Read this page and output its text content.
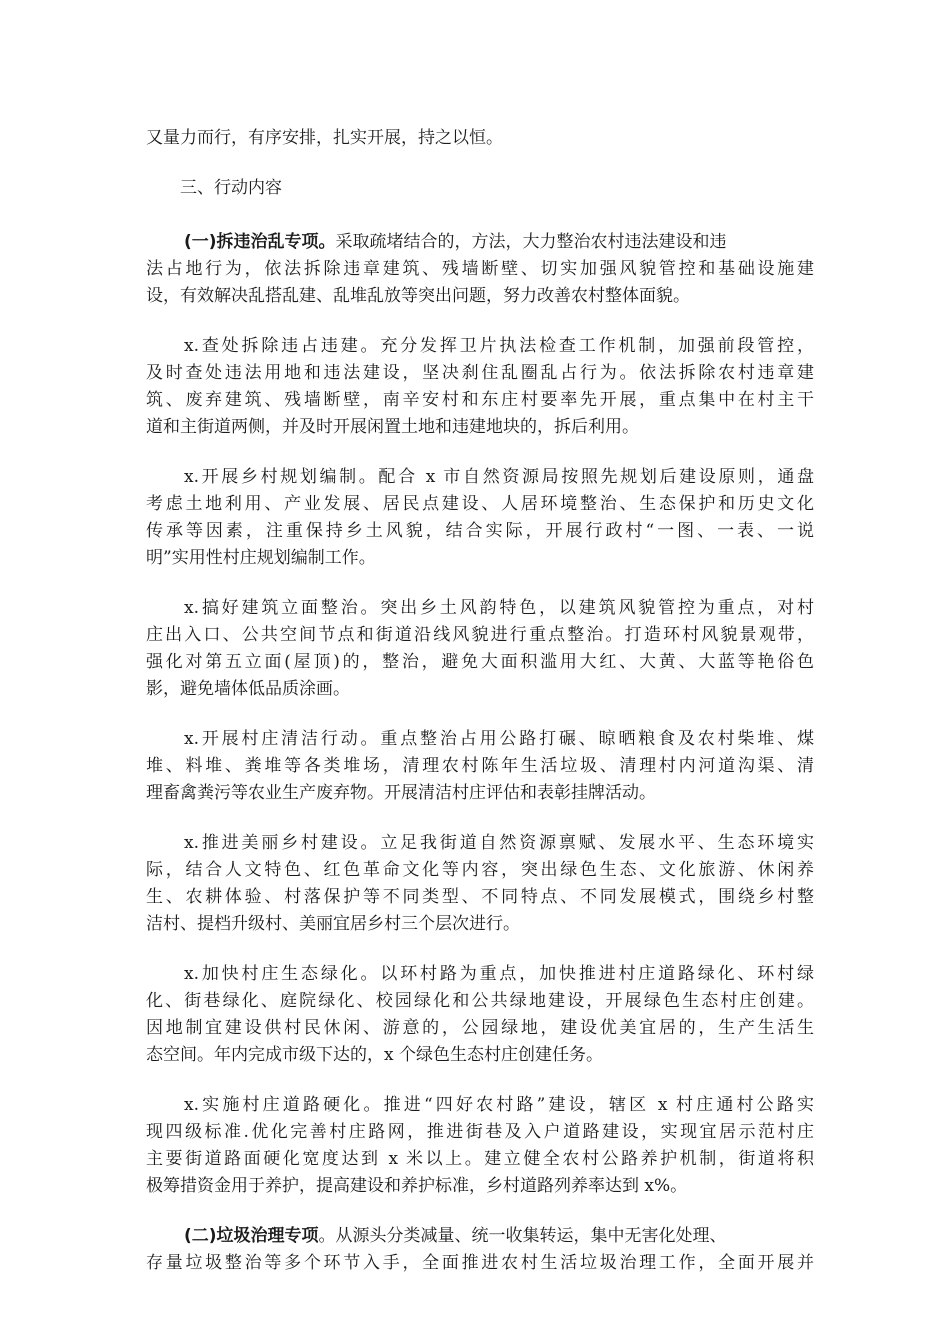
又量力而行，有序安排，扎实开展，持之以恒。
三、行动内容
(一)拆违治乱专项。采取疏堵结合的，方法，大力整治农村违法建设和违
法占地行为，依法拆除违章建筑、残墙断壁、切实加强风貌管控和基础设施建
设，有效解决乱搭乱建、乱堆乱放等突出问题，努力改善农村整体面貌。
x.查处拆除违占违建。充分发挥卫片执法检查工作机制，加强前段管控，
及时查处违法用地和违法建设，坚决刹住乱圈乱占行为。依法拆除农村违章建
筑、废弃建筑、残墙断壁，南辛安村和东庄村要率先开展，重点集中在村主干
道和主街道两侧，并及时开展闲置土地和违建地块的，拆后利用。
x.开展乡村规划编制。配合 x 市自然资源局按照先规划后建设原则，通盘
考虑土地利用、产业发展、居民点建设、人居环境整治、生态保护和历史文化
传承等因素，注重保持乡土风貌，结合实际，开展行政村“一图、一表、一说
明”实用性村庄规划编制工作。
x.搞好建筑立面整治。突出乡土风韵特色，以建筑风貌管控为重点，对村
庄出入口、公共空间节点和街道沿线风貌进行重点整治。打造环村风貌景观带，
强化对第五立面(屋顶)的，整治，避免大面积滥用大红、大黄、大蓝等艳俗色
影，避免墙体低品质涂画。
x.开展村庄清洁行动。重点整治占用公路打碾、晾晒粮食及农村柴堆、煤
堆、料堆、粪堆等各类堆场，清理农村陈年生活垃圾、清理村内河道沟渠、清
理畜禽粪污等农业生产废弃物。开展清洁村庄评估和表彰挂牌活动。
x.推进美丽乡村建设。立足我街道自然资源禀赋、发展水平、生态环境实
际，结合人文特色、红色革命文化等内容，突出绿色生态、文化旅游、休闲养
生、农耕体验、村落保护等不同类型、不同特点、不同发展模式，围绕乡村整
洁村、提档升级村、美丽宜居乡村三个层次进行。
x.加快村庄生态绿化。以环村路为重点，加快推进村庄道路绿化、环村绿
化、街巷绿化、庭院绿化、校园绿化和公共绿地建设，开展绿色生态村庄创建。
因地制宜建设供村民休闲、游意的，公园绿地，建设优美宜居的，生产生活生
态空间。年内完成市级下达的，x 个绿色生态村庄创建任务。
x.实施村庄道路硬化。推进“四好农村路”建设，辖区 x 村庄通村公路实
现四级标准.优化完善村庄路网，推进街巷及入户道路建设，实现宜居示范村庄
主要街道路面硬化宽度达到 x 米以上。建立健全农村公路养护机制，街道将积
极筹措资金用于养护，提高建设和养护标准，乡村道路列养率达到 x%。
(二)垃圾治理专项。从源头分类减量、统一收集转运，集中无害化处理、
存量垃圾整治等多个环节入手，全面推进农村生活垃圾治理工作，全面开展并
